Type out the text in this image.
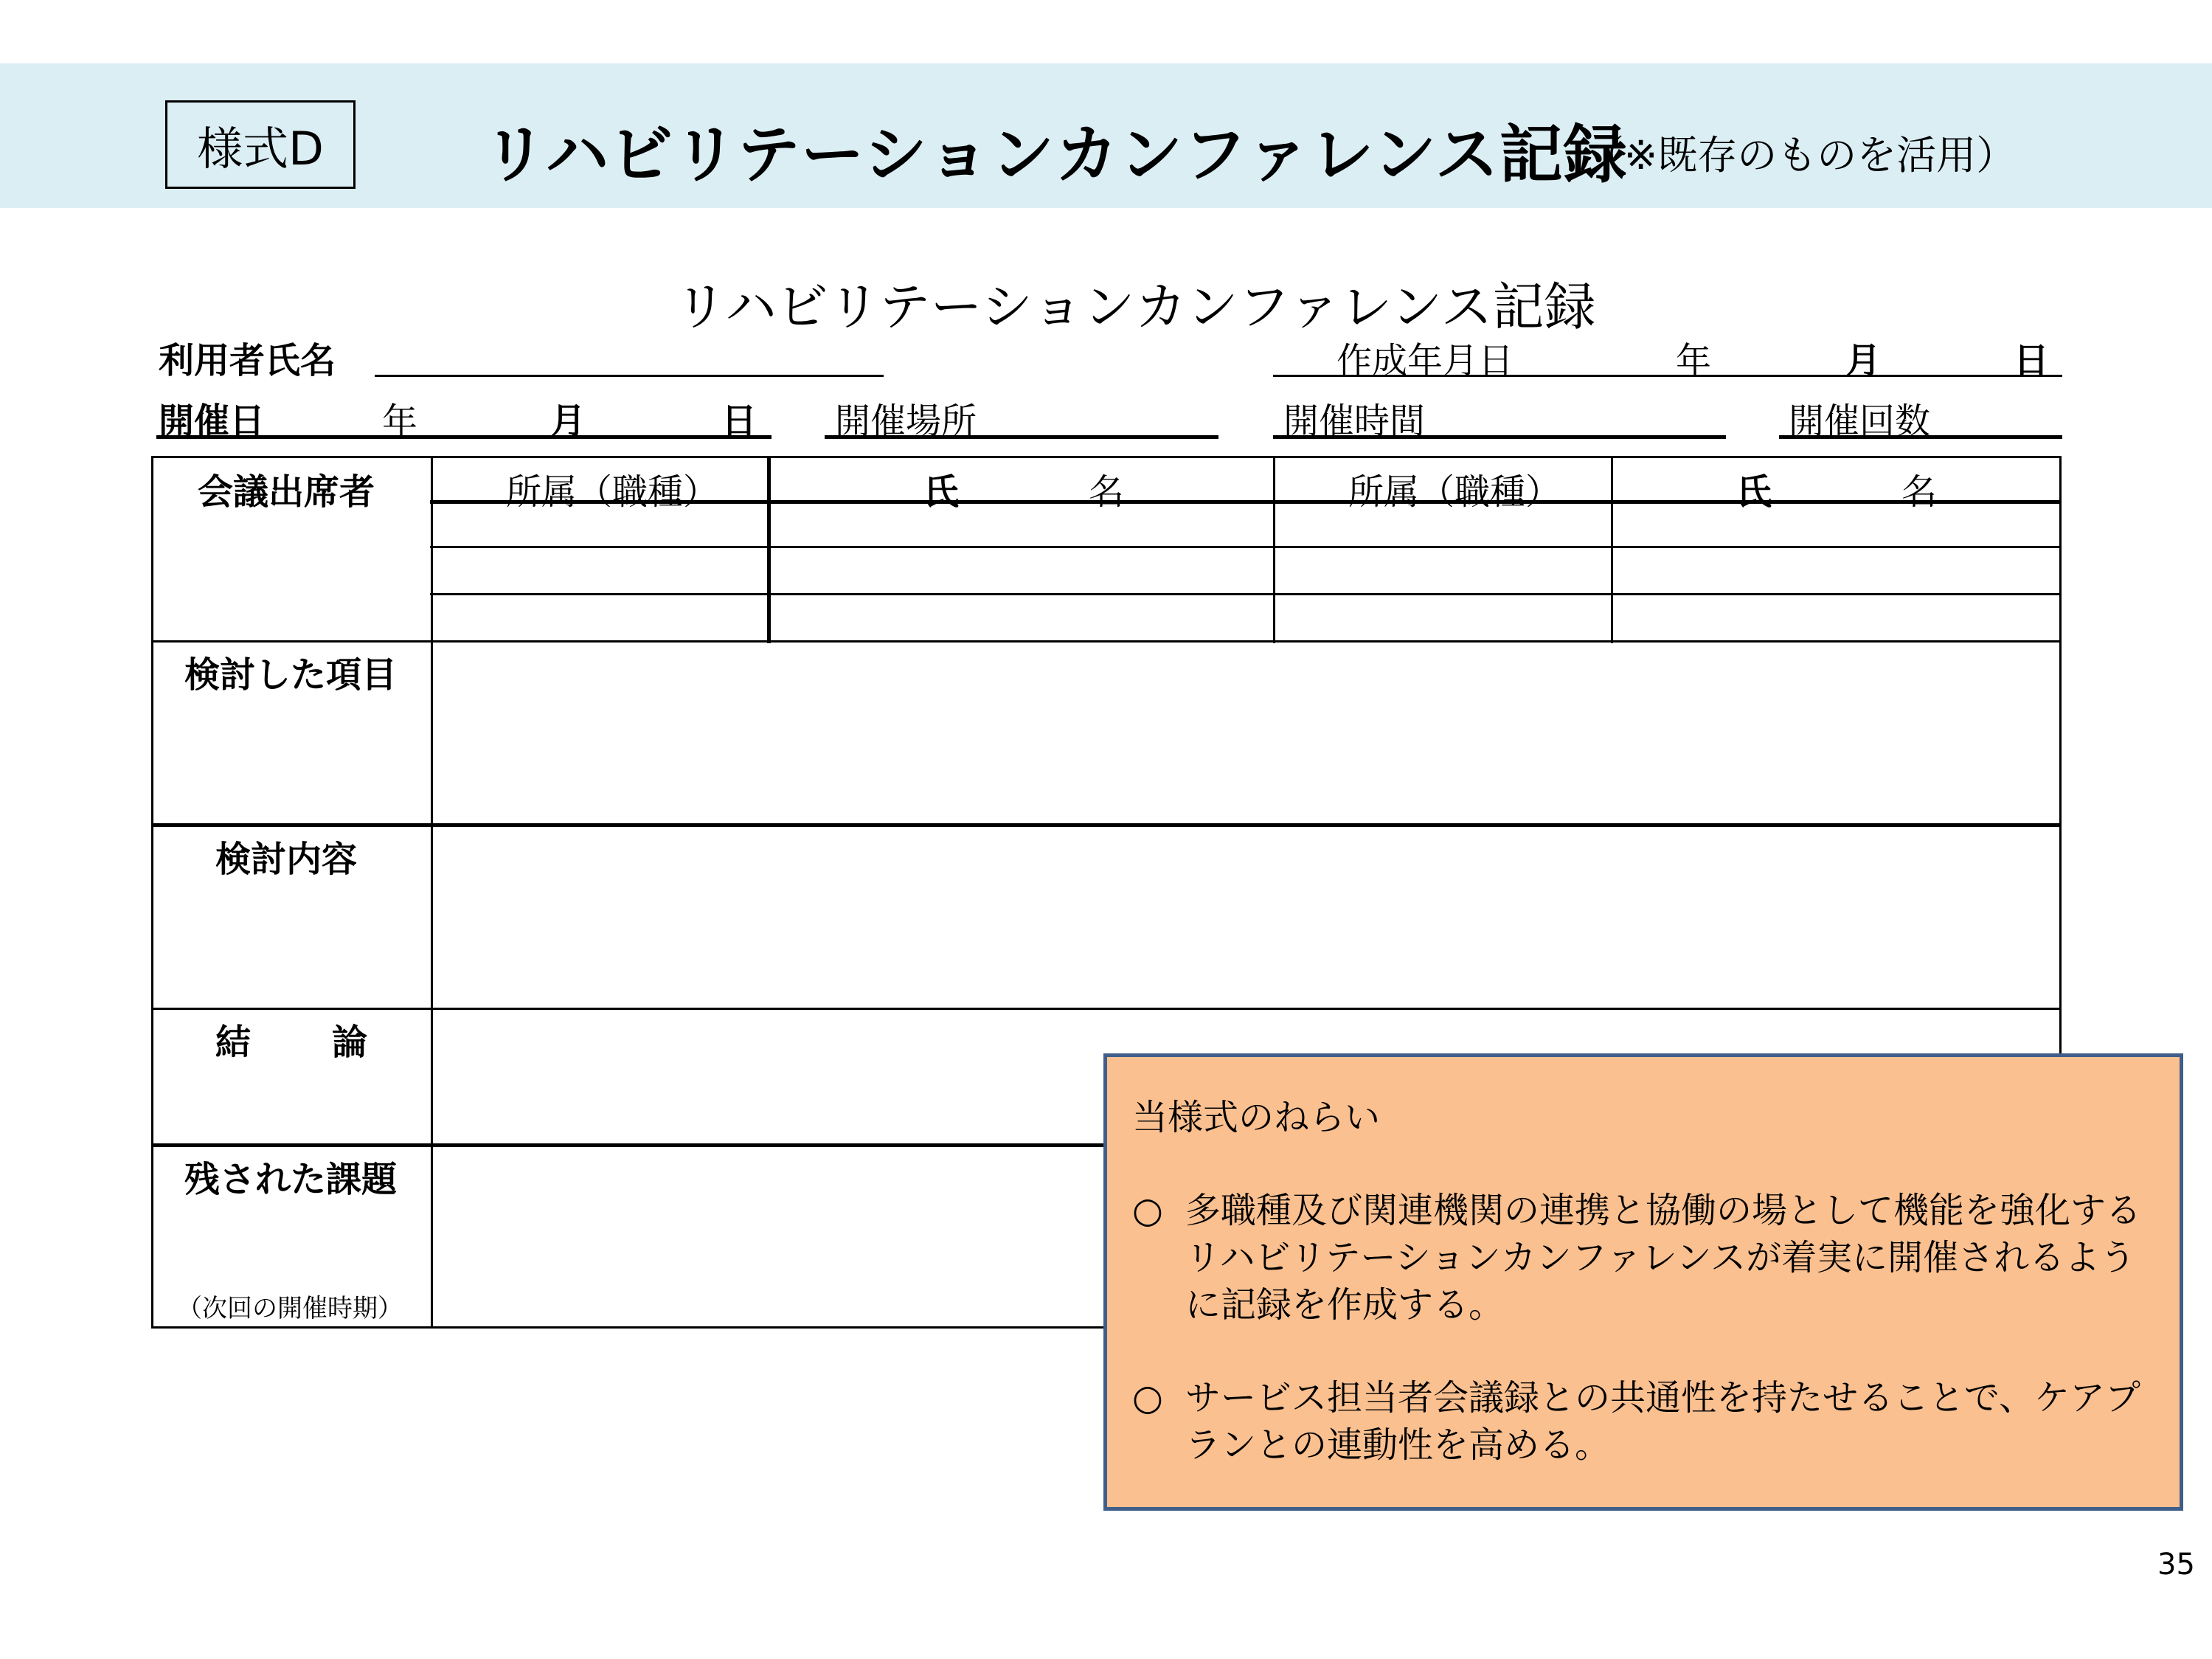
様式D	リハビリテーションカンファレンス記録
（※既存のものを活用）
リハビリテーションカンファレンス記録
利用者氏名	作成年月日	年	月	日
開催日	年	月	日 開催場所	開催時間	開催回数
会議出席者	所属（職種）	氏	名	所属（職種）	氏	名
検討した項目
検討内容
結 論
残された課題
（次回の開催時期）
当様式のねらい
○ 多職種及び関連機関の連携と協働の場として機能を強化するリハビリテーションカンファレンスが着実に開催されるように記録を作成する。
○ サービス担当者会議録との共通性を持たせることで、ケアプランとの連動性を高める。
35
